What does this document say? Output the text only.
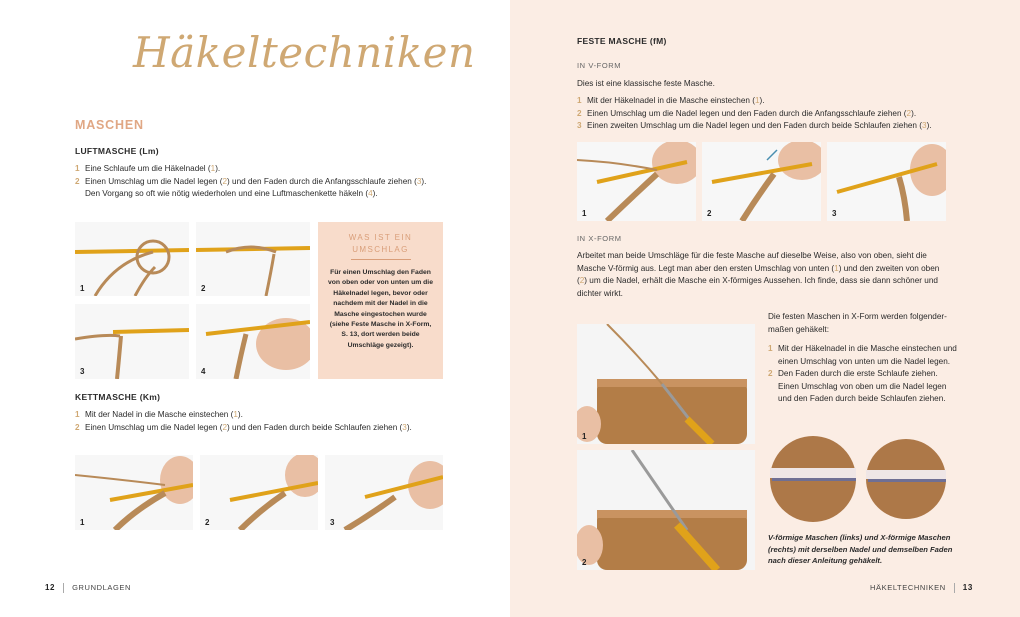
Häkeltechniken
MASCHEN
LUFTMASCHE (Lm)
1 Eine Schlaufe um die Häkelnadel (1).
2 Einen Umschlag um die Nadel legen (2) und den Faden durch die Anfangsschlaufe ziehen (3).
Den Vorgang so oft wie nötig wiederholen und eine Luftmaschenkette häkeln (4).
1	2
3	4
WAS IST EIN
UMSCHLAG
Für einen Umschlag den Faden von oben oder von unten um die Häkelnadel legen, bevor oder nachdem mit der Nadel in die Masche eingestochen wurde (siehe Feste Masche in X-Form, S. 13, dort werden beide Umschläge gezeigt).
KETTMASCHE (Km)
1 Mit der Nadel in die Masche einstechen (1).
2 Einen Umschlag um die Nadel legen (2) und den Faden durch beide Schlaufen ziehen (3).
1	2	3
12 GRUNDLAGEN
FESTE MASCHE (fM)
IN V-FORM
Dies ist eine klassische feste Masche.
1 Mit der Häkelnadel in die Masche einstechen (1).
2 Einen Umschlag um die Nadel legen und den Faden durch die Anfangsschlaufe ziehen (2).
3 Einen zweiten Umschlag um die Nadel legen und den Faden durch beide Schlaufen ziehen (3).
1	2	3
IN X-FORM
Arbeitet man beide Umschläge für die feste Masche auf dieselbe Weise, also von oben, sieht die Masche V-förmig aus. Legt man aber den ersten Umschlag von unten (1) und den zweiten von oben (2) um die Nadel, erhält die Masche ein X-förmiges Aussehen. Ich finde, dass sie dann schöner und dichter wirkt.
1
2
Die festen Maschen in X-Form werden folgender-
maßen gehäkelt:
1 Mit der Häkelnadel in die Masche einstechen und einen Umschlag von unten um die Nadel legen.
2 Den Faden durch die erste Schlaufe ziehen. Einen Umschlag von oben um die Nadel legen und den Faden durch beide Schlaufen ziehen.
V-förmige Maschen (links) und X-förmige Maschen (rechts) mit derselben Nadel und demselben Faden nach dieser Anleitung gehäkelt.
HÄKELTECHNIKEN 13
